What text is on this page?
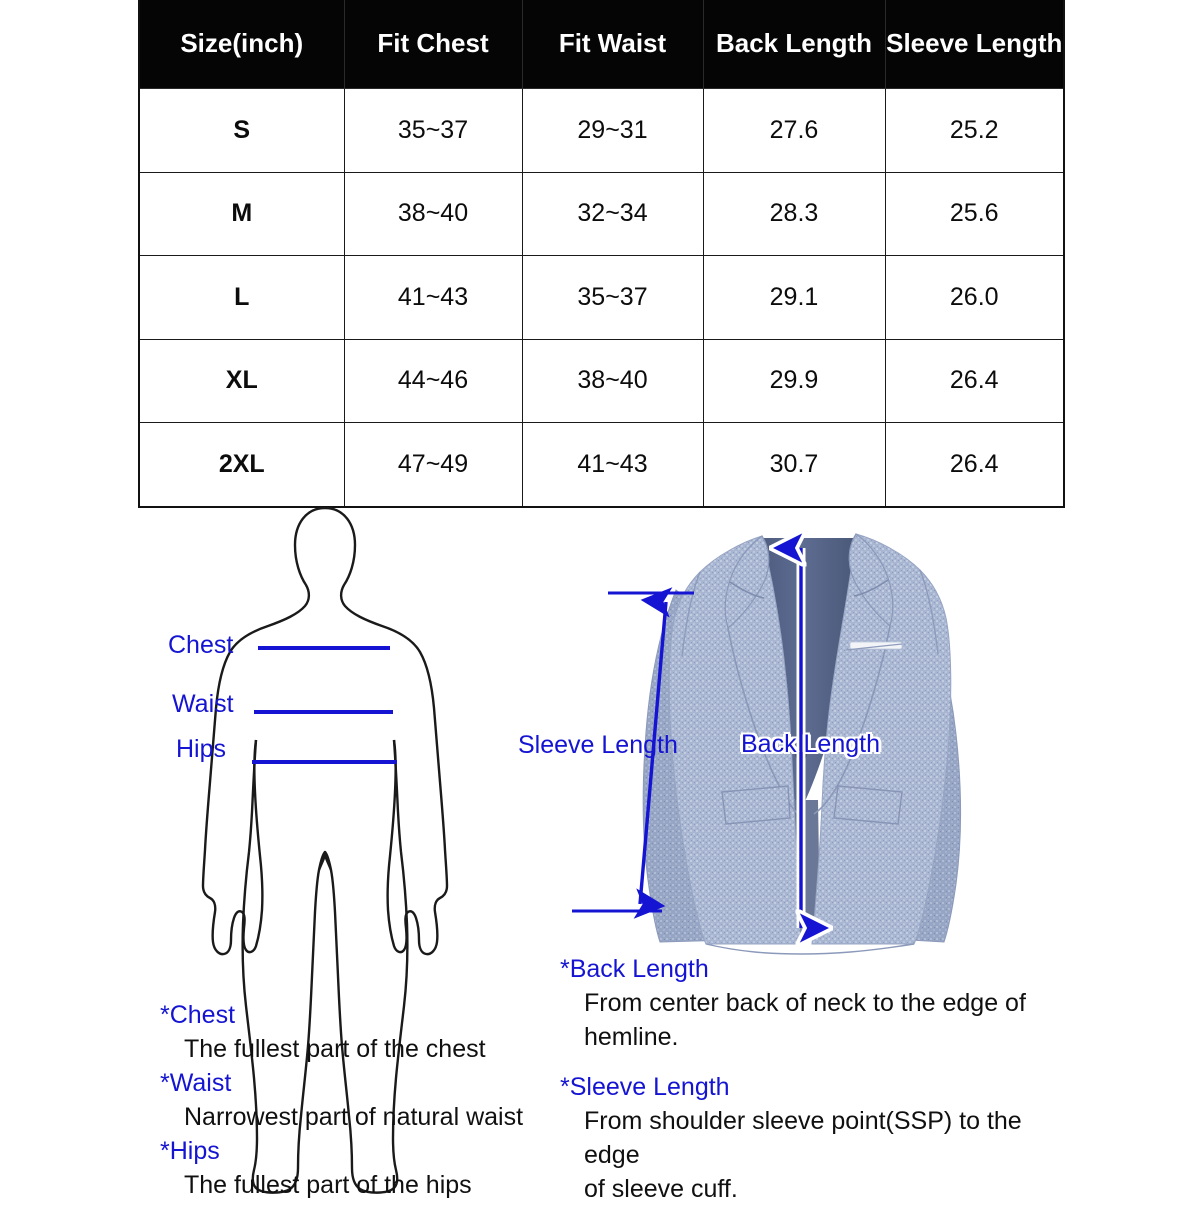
Size(inch)	Fit Chest	Fit Waist	Back Length	Sleeve Length
S	35~37	29~31	27.6	25.2
M	38~40	32~34	28.3	25.6
L	41~43	35~37	29.1	26.0
XL	44~46	38~40	29.9	26.4
2XL	47~49	41~43	30.7	26.4
Chest
Waist
Hips	Sleeve Length	Back Length

*Chest

The fullest part of the chest

*Waist

Narrowest part of natural waist

*Hips

The fullest part of the hips

*Back Length

From center back of neck to the edge of

hemline.

*Sleeve Length

From shoulder sleeve point(SSP) to the edge

of sleeve cuff.
